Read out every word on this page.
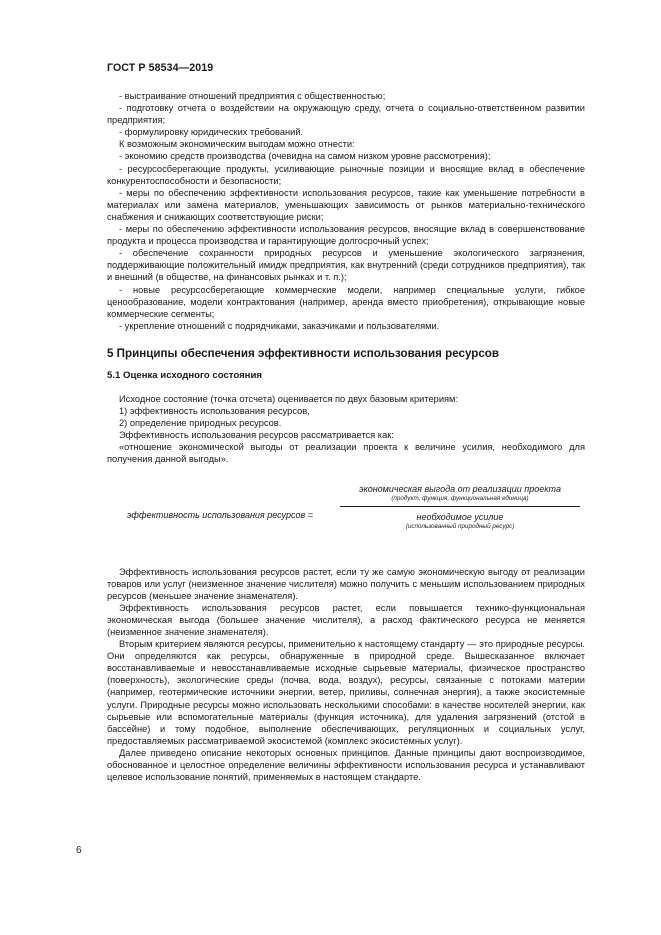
ГОСТ Р 58534—2019

- выстраивание отношений предприятия с общественностью;

- подготовку отчета о воздействии на окружающую среду, отчета о социально-ответственном развитии предприятия;

- формулировку юридических требований.

К возможным экономическим выгодам можно отнести:

- экономию средств производства (очевидна на самом низком уровне рассмотрения);

- ресурсосберегающие продукты, усиливающие рыночные позиции и вносящие вклад в обеспечение конкурентоспособности и безопасности;

- меры по обеспечению эффективности использования ресурсов, такие как уменьшение потребности в материалах или замена материалов, уменьшающих зависимость от рынков материально-технического снабжения и снижающих соответствующие риски;

- меры по обеспечению эффективности использования ресурсов, вносящие вклад в совершенствование продукта и процесса производства и гарантирующие долгосрочный успех;

- обеспечение сохранности природных ресурсов и уменьшение экологического загрязнения, поддерживающие положительный имидж предприятия, как внутренний (среди сотрудников предприятия), так и внешний (в обществе, на финансовых рынках и т. п.);

- новые ресурсосберегающие коммерческие модели, например специальные услуги, гибкое ценообразование, модели контрактования (например, аренда вместо приобретения), открывающие новые коммерческие сегменты;

- укрепление отношений с подрядчиками, заказчиками и пользователями.

5 Принципы обеспечения эффективности использования ресурсов

5.1 Оценка исходного состояния

Исходное состояние (точка отсчета) оценивается по двух базовым критериям:

1) эффективность использования ресурсов,

2) определение природных ресурсов.

Эффективность использования ресурсов рассматривается как:

«отношение экономической выгоды от реализации проекта к величине усилия, необходимого для получения данной выгоды».

эффективность использования ресурсов =
экономическая выгода от реализации проекта
(продукт, функция, функциональная единица)
необходимое усилие
(использованный природный ресурс)

Эффективность использования ресурсов растет, если ту же самую экономическую выгоду от реализации товаров или услуг (неизменное значение числителя) можно получить с меньшим использованием природных ресурсов (меньшее значение знаменателя).

Эффективность использования ресурсов растет, если повышается технико-функциональная экономическая выгода (большее значение числителя), а расход фактического ресурса не меняется (неизменное значение знаменателя).

Вторым критерием являются ресурсы, применительно к настоящему стандарту — это природные ресурсы. Они определяются как ресурсы, обнаруженные в природной среде. Вышесказанное включает восстанавливаемые и невосстанавливаемые исходные сырьевые материалы, физическое пространство (поверхность), экологические среды (почва, вода, воздух), ресурсы, связанные с потоками материи (например, геотермические источники энергии, ветер, приливы, солнечная энергия), а также экосистемные услуги. Природные ресурсы можно использовать несколькими способами: в качестве носителей энергии, как сырьевые или вспомогательные материалы (функция источника), для удаления загрязнений (отстой в бассейне) и тому подобное, выполнение обеспечивающих, регуляционных и социальных услуг, предоставляемых рассматриваемой экосистемой (комплекс экосистемных услуг).

Далее приведено описание некоторых основных принципов. Данные принципы дают воспроизводимое, обоснованное и целостное определение величины эффективности использования ресурса и устанавливают целевое использование понятий, применяемых в настоящем стандарте.

6
